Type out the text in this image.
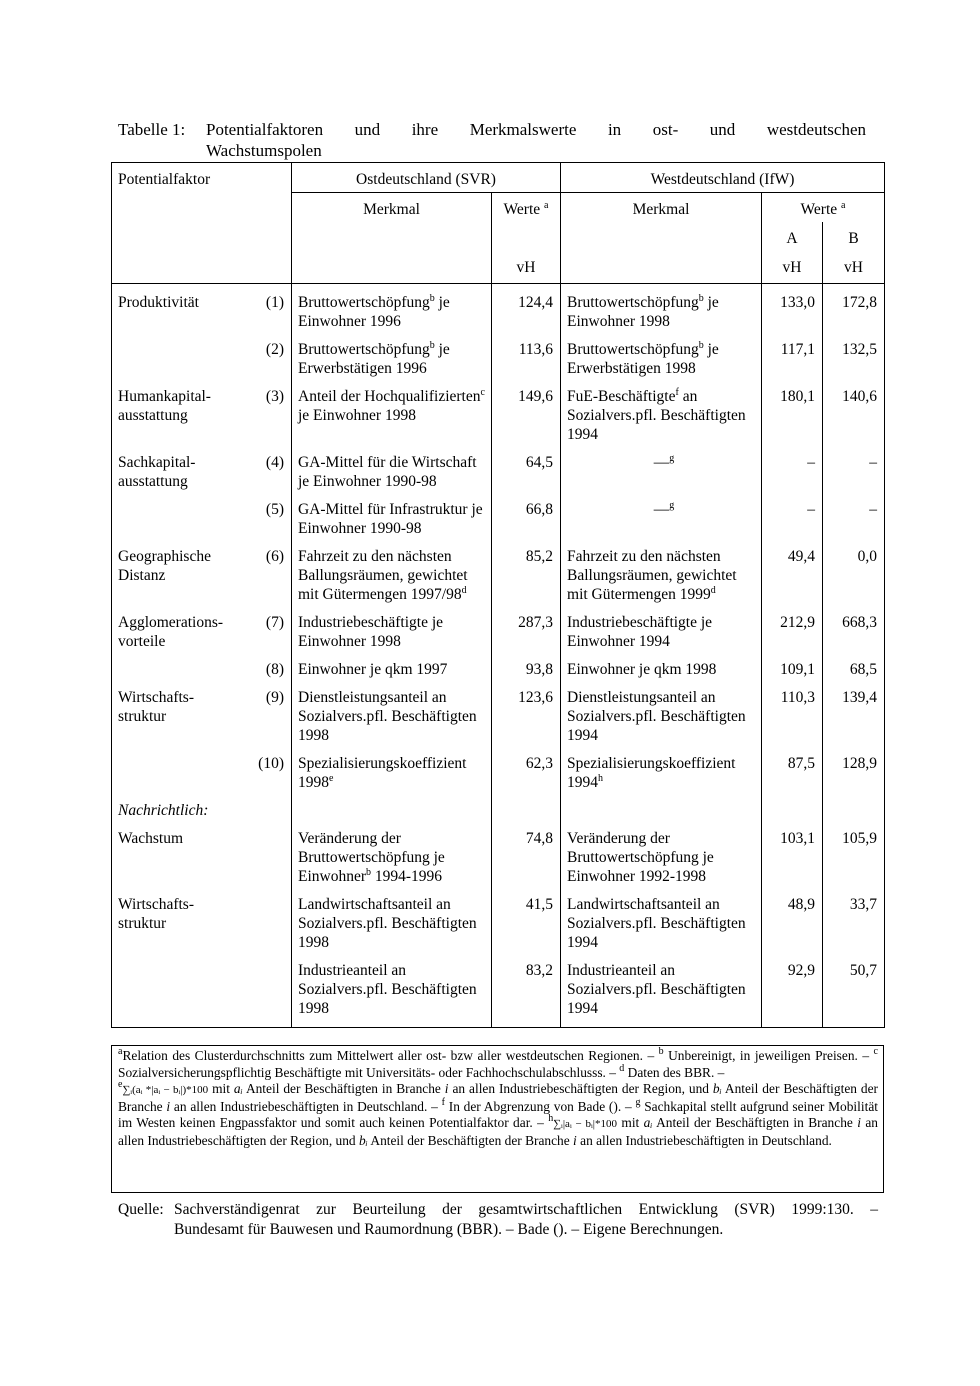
Tabelle 1:	Potentialfaktoren und ihre Merkmalswerte in ost- und westdeutschen
Wachstumspolen
Potentialfaktor		Ostdeutschland (SVR)		Westdeutschland (IfW)		
		Merkmal	Werte $^a$	Merkmal	Werte $^a$
					A	B
			vH		vH	vH

Produktivität	(1)	Bruttowertschöpfung$^b$ je Einwohner 1996	124,4	Bruttowertschöpfung$^b$ je Einwohner 1998	133,0	172,8

	(2)	Bruttowertschöpfung$^b$ je Erwerbstätigen 1996	113,6	Bruttowertschöpfung$^b$ je Erwerbstätigen 1998	117,1	132,5

Humankapital-
ausstattung	(3)	Anteil der Hochqualifizierten$^c$ je Einwohner 1998	149,6	FuE-Beschäftigte$^f$ an Sozialvers.pfl. Beschäftigten 1994	180,1	140,6

Sachkapital-
ausstattung	(4)	GA-Mittel für die Wirtschaft je Einwohner 1990-98	64,5	—$^g$	–	–

	(5)	GA-Mittel für Infrastruktur je Einwohner 1990-98	66,8	—$^g$	–	–

Geographische
Distanz	(6)	Fahrzeit zu den nächsten Ballungsräumen, gewichtet mit Gütermengen 1997/98$^d$	85,2	Fahrzeit zu den nächsten Ballungsräumen, gewichtet mit Gütermengen 1999$^d$	49,4	0,0

Agglomerations-
vorteile	(7)	Industriebeschäftigte je Einwohner 1998	287,3	Industriebeschäftigte je Einwohner 1994	212,9	668,3

	(8)	Einwohner je qkm 1997	93,8	Einwohner je qkm 1998	109,1	68,5

Wirtschafts-
struktur	(9)	Dienstleistungsanteil an Sozialvers.pfl. Beschäftigten 1998	123,6	Dienstleistungsanteil an Sozialvers.pfl. Beschäftigten 1994	110,3	139,4

	(10)	Spezialisierungskoeffizient 1998e	62,3	Spezialisierungskoeffizient 1994$^h$	87,5	128,9

Nachrichtlich:						

Wachstum		Veränderung der Bruttowertschöpfung je Einwohner$^b$ 1994-1996	74,8	Veränderung der Bruttowertschöpfung je Einwohner 1992-1998	103,1	105,9

Wirtschafts-
struktur		Landwirtschaftsanteil an Sozialvers.pfl. Beschäftigten 1998	41,5	Landwirtschaftsanteil an Sozialvers.pfl. Beschäftigten 1994	48,9	33,7

		Industrieanteil an Sozialvers.pfl. Beschäftigten 1998	83,2	Industrieanteil an Sozialvers.pfl. Beschäftigten 1994	92,9	50,7

$^a$Relation des Clusterdurchschnitts zum Mittelwert aller ost- bzw aller westdeutschen Regionen. – $^b$ Unbereinigt, in jeweiligen Preisen. – $^c$ Sozialversicherungspflichtig Beschäftigte mit Universitäts- oder Fachhochschulabschlusss. – $^d$ Daten des BBR. –
$^e$∑ᵢ(aᵢ *|aᵢ − bᵢ|)*100 mit aᵢ Anteil der Beschäftigten in Branche i an allen Industriebeschäftigten der Region, und bᵢ Anteil der Beschäftigten der Branche i an allen Industriebeschäftigten in Deutschland. – $^f$ In der Abgrenzung von Bade (). – $^g$ Sachkapital stellt aufgrund seiner Mobilität im Westen keinen Engpassfaktor und somit auch keinen Potentialfaktor dar. – $^h$∑ᵢ|aᵢ − bᵢ|*100 mit aᵢ Anteil der Beschäftigten in Branche i an allen Industriebeschäftigten der Region, und bᵢ Anteil der Beschäftigten der Branche i an allen Industriebeschäftigten in Deutschland.

Quelle: Sachverständigenrat zur Beurteilung der gesamtwirtschaftlichen Entwicklung (SVR) 1999:130. –
Bundesamt für Bauwesen und Raumordnung (BBR). – Bade (). – Eigene Berechnungen.
